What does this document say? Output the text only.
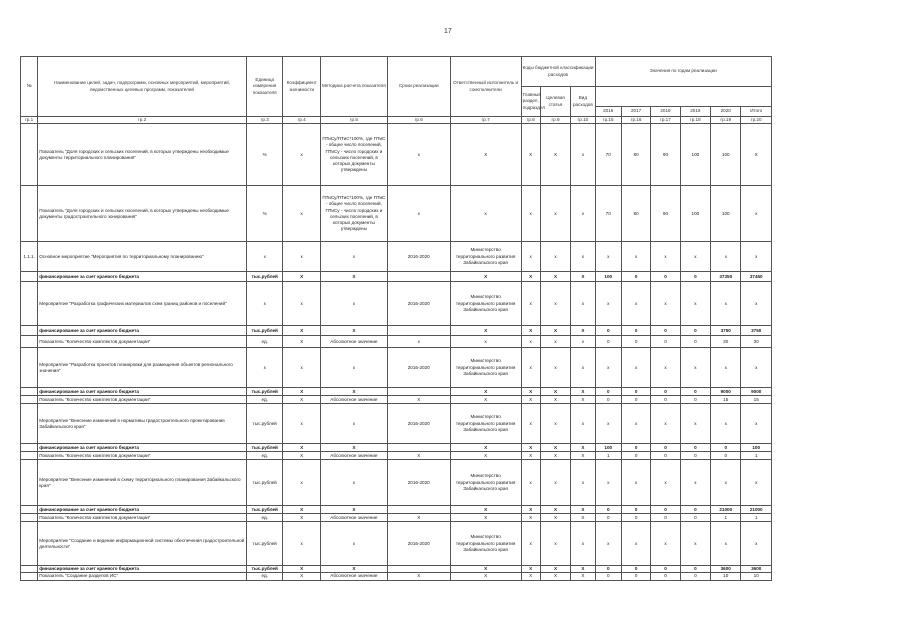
17
№	Наименование целей, задач, подпрограмм, основных мероприятий, мероприятий, ведомственных целевых программ, показателей	Единица измерения показателя	Коэффициент значимости	Методика расчета показателя	Сроки реализации	Ответственный исполнитель и соисполнители	Коды бюджетной классификации расходов			Значения по годам реализации					
							Главный раздел, подраздел	Целевая статья	Вид расходов						
										2016	2017	2018	2019	2020	Итого
гр.1	гр.2	гр.3	гр.4	гр.5	гр.6	гр.7	гр.8	гр.9	гр.10	гр.15	гр.16	гр.17	гр.18	гр.19	гр.20
	Показатель "Доля городских и сельских поселений, в которых утверждены необходимые документы территориального планирования"	%	х	ПТиСу/ПТиС*100%, где ПТиС - общее число поселений, ПТиСу - число городских и сельских поселений, в которых документы утверждены	х	Х	Х	Х	х	70	80	90	100	100	Х
	Показатель "Доля городских и сельских поселений, в которых утверждены необходимые документы градостроительного зонирования"	%	х	ПТиСу/ПТиС*100%, где ПТиС - общее число поселений, ПТиСу - число городских и сельских поселений, в которых документы утверждены	х	х	х	х	х	70	80	90	100	100	х
1.1.1.	Основное мероприятие "Мероприятия по территориальному планированию"	х	х	х	2016-2020	Министерство территориального развития Забайкальского края	х	х	х	х	х	х	х	х	х
	финансирование за счет краевого бюджета	тыс.рублей	Х	Х		Х	Х	Х	Х	100	0	0	0	37350	37450
	Мероприятие "Разработка графических материалов схем границ районов и поселений"	х	х	х	2016-2020	Министерство территориального развития Забайкальского края	х	х	х	х	х	х	х	х	х
	финансирование за счет краевого бюджета	тыс.рублей	Х	Х		Х	Х	Х	Х	0	0	0	0	3750	3750
	Показатель "Количество комплектов документации"	ед.	Х	Абсолютное значение	х	х	х	х	х	0	0	0	0	30	30
	Мероприятие "Разработка проектов планировки для размещения объектов регионального значения"	х	х	х	2016-2020	Министерство территориального развития Забайкальского края	х	х	х	х	х	х	х	х	х
	финансирование за счет краевого бюджета	тыс.рублей	Х	Х		Х	Х	Х	Х	0	0	0	0	9000	9000
	Показатель "Количество комплектов документации"	ед.	Х	Абсолютное значение	Х	Х	Х	Х	Х	0	0	0	0	15	15
	Мероприятие "Внесение изменений в нормативы градостроительного проектирования Забайкальского края"	тыс.рублей	х	х	2016-2020	Министерство территориального развития Забайкальского края	х	х	х	х	х	х	х	х	х
	финансирование за счет краевого бюджета	тыс.рублей	Х	Х		Х	Х	Х	Х	100	0	0	0	0	100
	Показатель "Количество комплектов документации"	ед.	Х	Абсолютное значение	Х	Х	Х	Х	Х	1	0	0	0	0	1
	Мероприятие "Внесение изменений в схему территориального планирования Забайкальского края"	тыс.рублей	х	х	2016-2020	Министерство территориального развития Забайкальского края	х	х	х	х	х	х	х	х	х
	финансирование за счет краевого бюджета	тыс.рублей	Х	Х		Х	Х	Х	Х	0	0	0	0	21000	21000
	Показатель "Количество комплектов документации"	ед.	Х	Абсолютное значение	Х	Х	Х	Х	Х	0	0	0	0	1	1
	Мероприятие "Создание и ведение информационной системы обеспечения градостроительной деятельности"	тыс.рублей	х	х	2016-2020	Министерство территориального развития Забайкальского края	х	х	х	х	х	х	х	х	х
	финансирование за счет краевого бюджета	тыс.рублей	Х	Х		Х	Х	Х	Х	0	0	0	0	3600	3600
	Показатель "Создание разделов ИС"	ед.	Х	Абсолютное значение	Х	Х	Х	Х	Х	0	0	0	0	10	10
